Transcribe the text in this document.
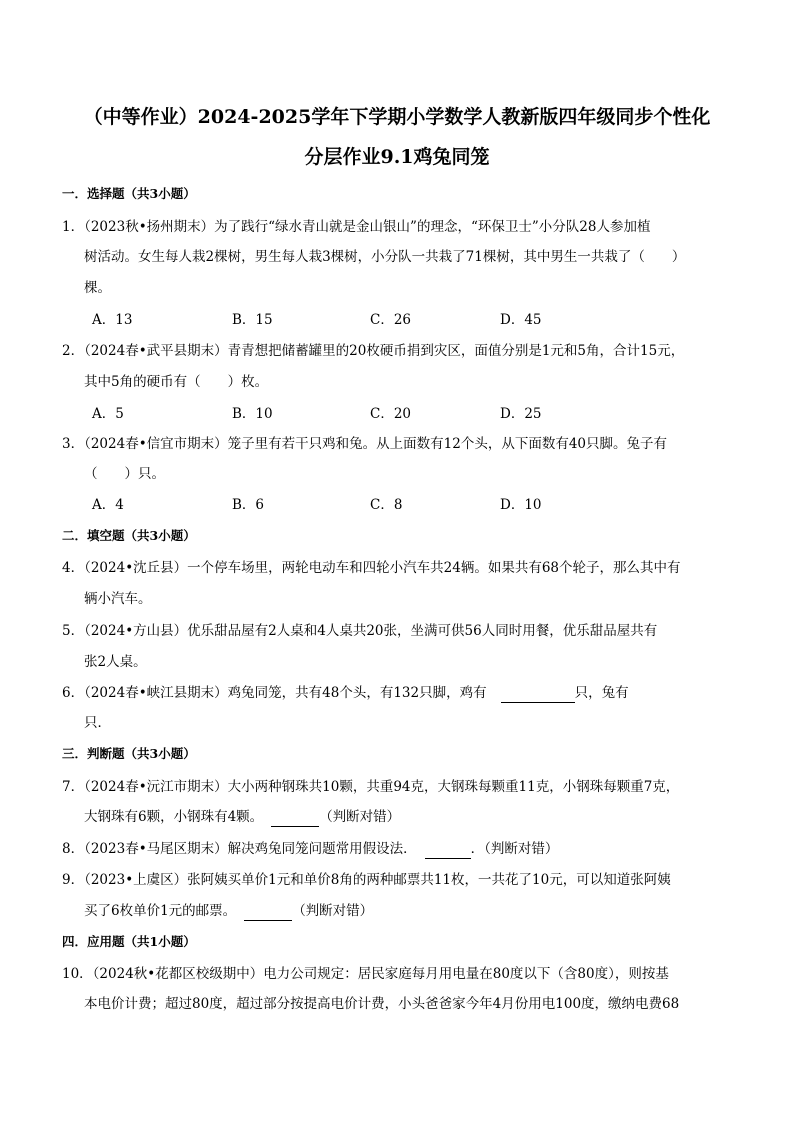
（中等作业）2024-2025学年下学期小学数学人教新版四年级同步个性化
分层作业9.1鸡兔同笼
一．选择题（共3小题）
1．（2023秋•扬州期末）为了践行“绿水青山就是金山银山”的理念，“环保卫士”小分队28人参加植
树活动。女生每人栽2棵树，男生每人栽3棵树，小分队一共栽了71棵树，其中男生一共栽了（　　）
棵。
A．13	B．15	C．26	D．45
2．（2024春•武平县期末）青青想把储蓄罐里的20枚硬币捐到灾区，面值分别是1元和5角，合计15元，
其中5角的硬币有（　　）枚。
A．5	B．10	C．20	D．25
3．（2024春•信宜市期末）笼子里有若干只鸡和兔。从上面数有12个头，从下面数有40只脚。兔子有
（　　）只。
A．4	B．6	C．8	D．10
二．填空题（共3小题）
4．（2024•沈丘县）一个停车场里，两轮电动车和四轮小汽车共24辆。如果共有68个轮子，那么其中有
辆小汽车。
5．（2024•方山县）优乐甜品屋有2人桌和4人桌共20张，坐满可供56人同时用餐，优乐甜品屋共有
张2人桌。
6．（2024春•峡江县期末）鸡兔同笼，共有48个头，有132只脚，鸡有	只，兔有
只．
三．判断题（共3小题）
7．（2024春•沅江市期末）大小两种钢珠共10颗，共重94克，大钢珠每颗重11克，小钢珠每颗重7克，
大钢珠有6颗，小钢珠有4颗。	（判断对错）
8．（2023春•马尾区期末）解决鸡兔同笼问题常用假设法．	．（判断对错）
9．（2023•上虞区）张阿姨买单价1元和单价8角的两种邮票共11枚，一共花了10元，可以知道张阿姨
买了6枚单价1元的邮票。	（判断对错）
四．应用题（共1小题）
10．（2024秋•花都区校级期中）电力公司规定：居民家庭每月用电量在80度以下（含80度），则按基
本电价计费；超过80度，超过部分按提高电价计费，小头爸爸家今年4月份用电100度，缴纳电费68
